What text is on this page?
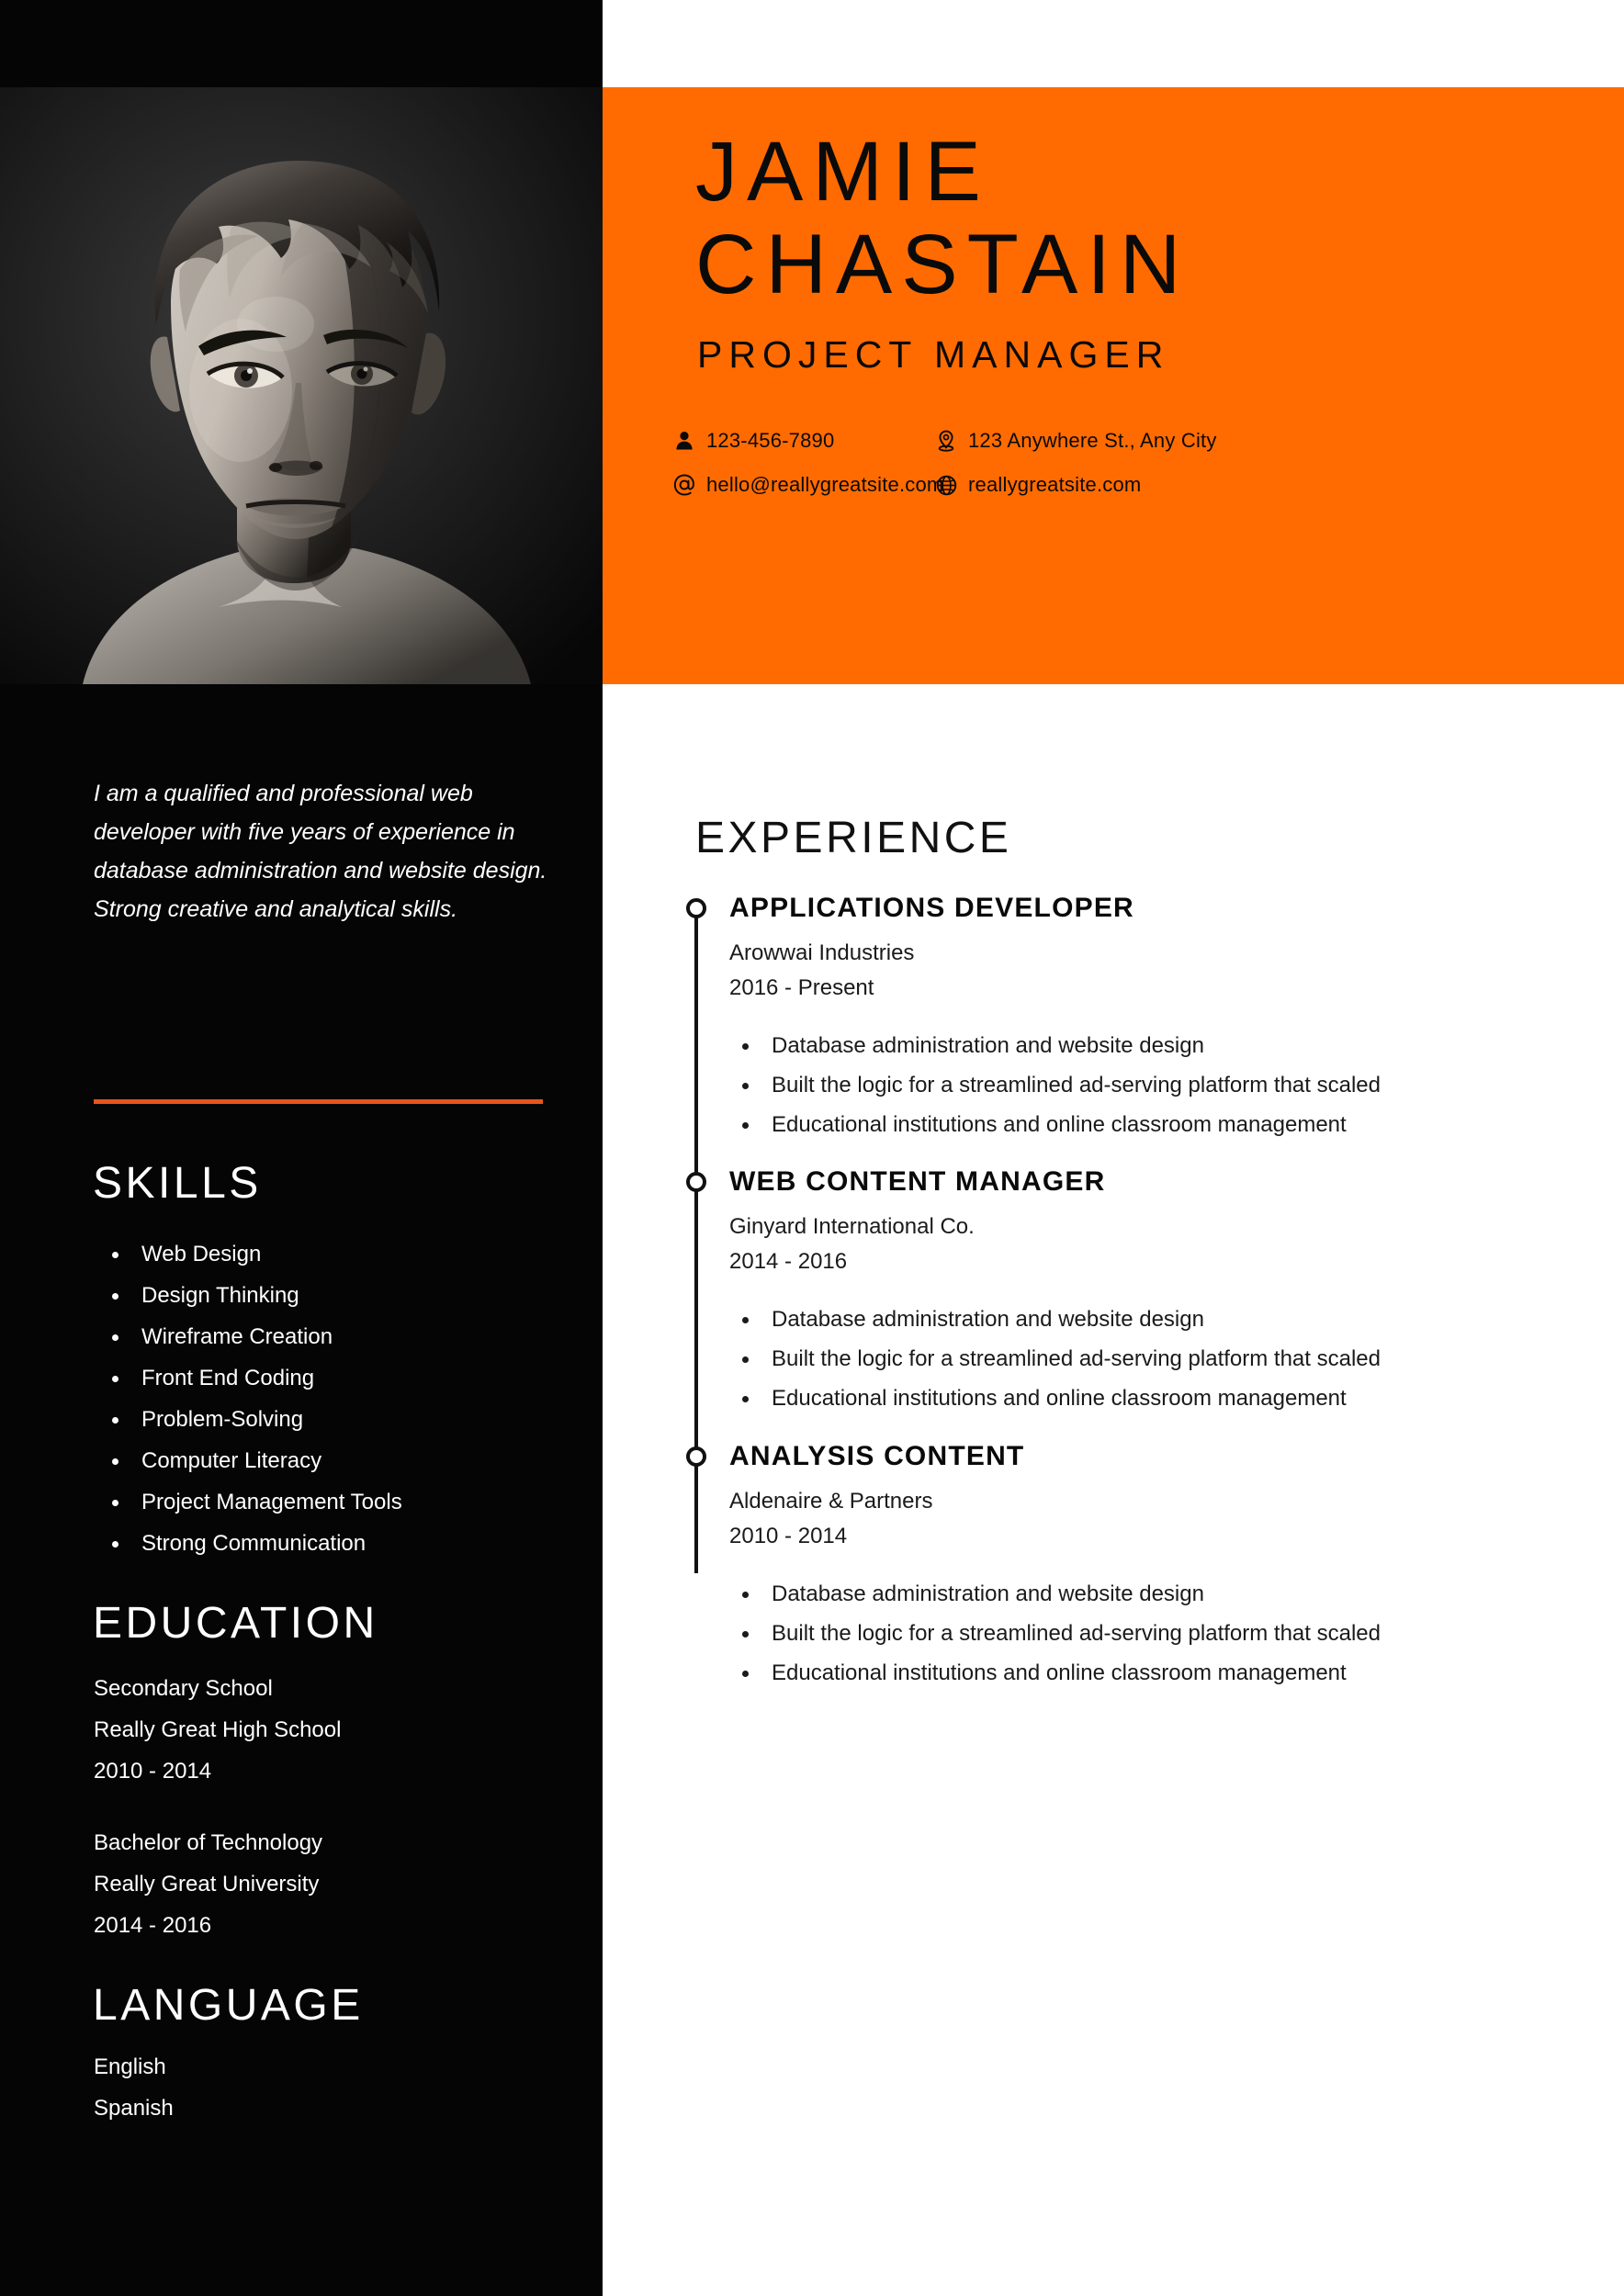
JAMIE
CHASTAIN
PROJECT MANAGER
123-456-7890	123 Anywhere St., Any City
hello@reallygreatsite.com reallygreatsite.com
I am a qualified and professional web developer with five years of experience in database administration and website design. Strong creative and analytical skills.
SKILLS
Web Design
Design Thinking
Wireframe Creation
Front End Coding
Problem-Solving
Computer Literacy
Project Management Tools
Strong Communication
EDUCATION
Secondary School
Really Great High School
2010 - 2014
Bachelor of Technology
Really Great University
2014 - 2016
LANGUAGE
English
Spanish
EXPERIENCE
APPLICATIONS DEVELOPER
Arowwai Industries
2016 - Present
Database administration and website design
Built the logic for a streamlined ad-serving platform that scaled
Educational institutions and online classroom management
WEB CONTENT MANAGER
Ginyard International Co.
2014 - 2016
Database administration and website design
Built the logic for a streamlined ad-serving platform that scaled
Educational institutions and online classroom management
ANALYSIS CONTENT
Aldenaire & Partners
2010 - 2014
Database administration and website design
Built the logic for a streamlined ad-serving platform that scaled
Educational institutions and online classroom management
